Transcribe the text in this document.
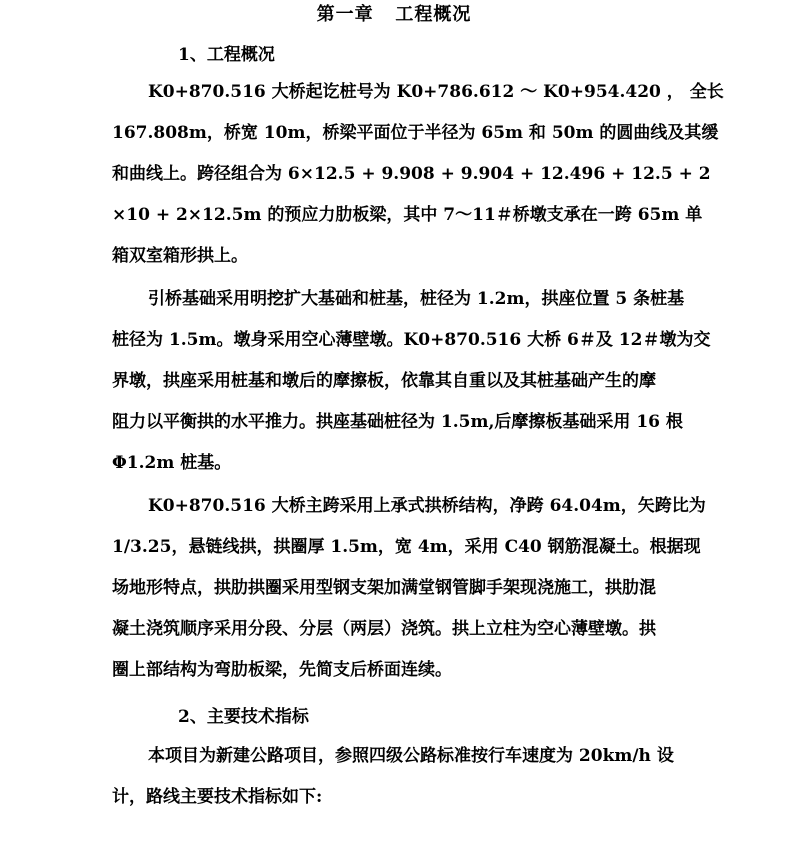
第一章   工程概况
1、工程概况
K0+870.516 大桥起讫桩号为 K0+786.612 ～ K0+954.420 ， 全长
167.808m，桥宽 10m，桥梁平面位于半径为 65m 和 50m 的圆曲线及其缓
和曲线上。跨径组合为 6×12.5 + 9.908 + 9.904 + 12.496 + 12.5 + 2
×10 + 2×12.5m 的预应力肋板梁，其中 7～11＃桥墩支承在一跨 65m 单
箱双室箱形拱上。
引桥基础采用明挖扩大基础和桩基，桩径为 1.2m，拱座位置 5 条桩基
桩径为 1.5m。墩身采用空心薄壁墩。K0+870.516 大桥 6＃及 12＃墩为交
界墩，拱座采用桩基和墩后的摩擦板，依靠其自重以及其桩基础产生的摩
阻力以平衡拱的水平推力。拱座基础桩径为 1.5m,后摩擦板基础采用 16 根
Φ1.2m 桩基。
K0+870.516 大桥主跨采用上承式拱桥结构，净跨 64.04m，矢跨比为
1/3.25，悬链线拱，拱圈厚 1.5m，宽 4m，采用 C40 钢筋混凝土。根据现
场地形特点，拱肋拱圈采用型钢支架加满堂钢管脚手架现浇施工，拱肋混
凝土浇筑顺序采用分段、分层（两层）浇筑。拱上立柱为空心薄壁墩。拱
圈上部结构为弯肋板梁，先简支后桥面连续。
2、主要技术指标
本项目为新建公路项目，参照四级公路标准按行车速度为 20km/h 设
计，路线主要技术指标如下:
